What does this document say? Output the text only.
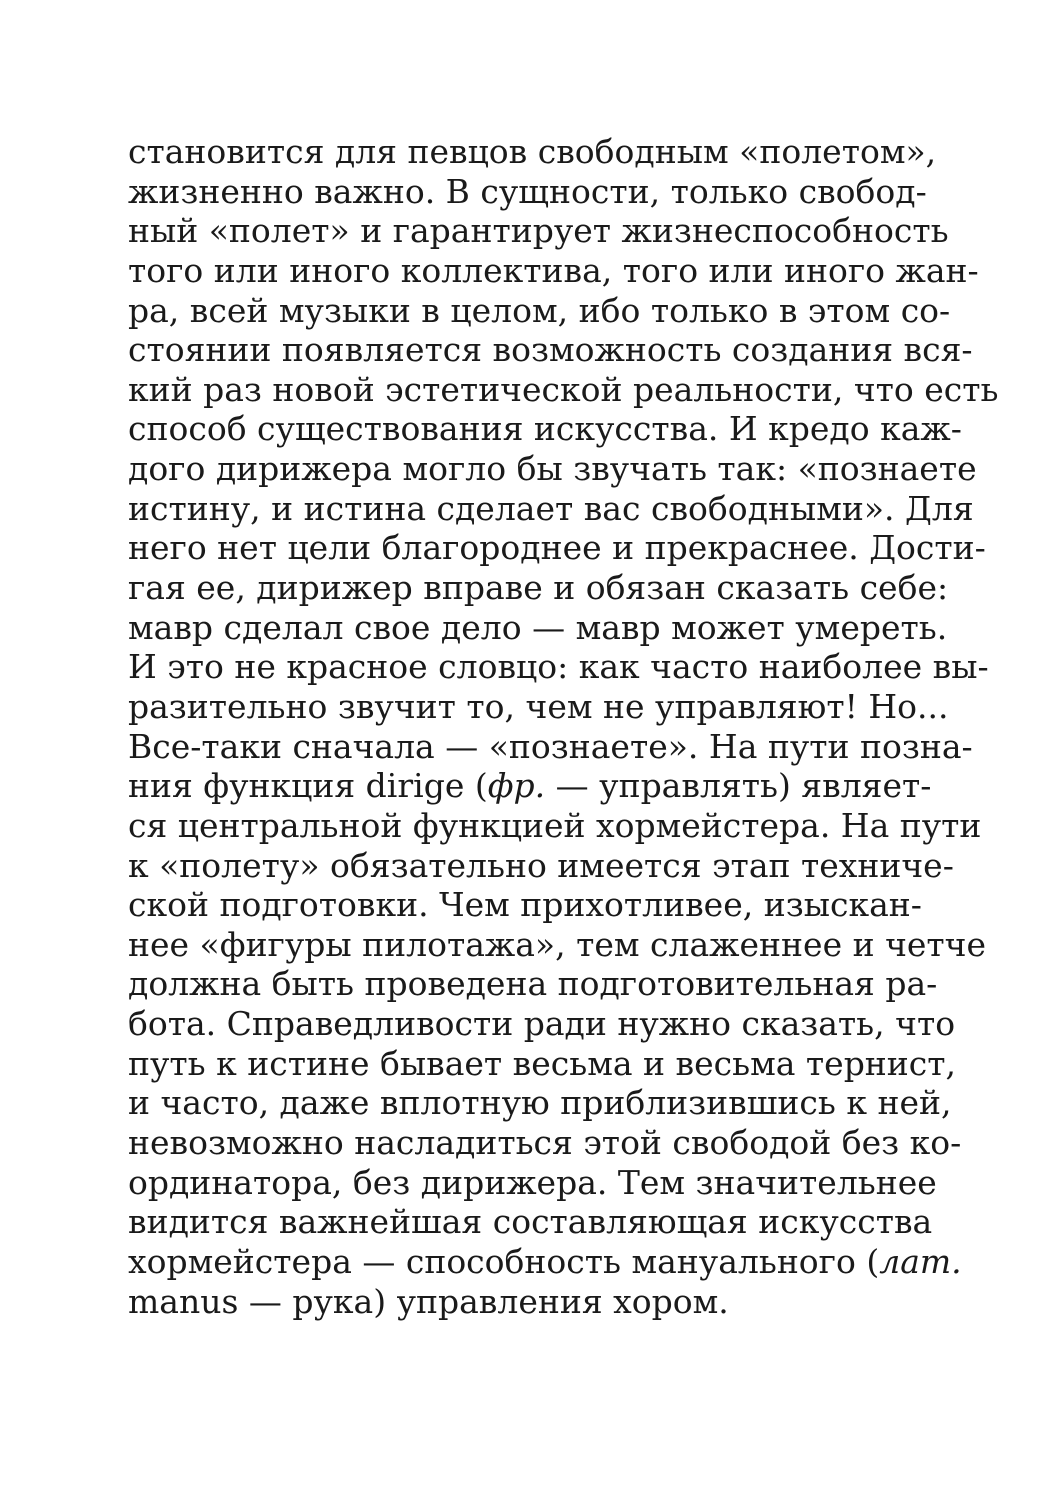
становится для певцов свободным «полетом»,
жизненно важно. В сущности, только свобод-
ный «полет» и гарантирует жизнеспособность
того или иного коллектива, того или иного жан-
ра, всей музыки в целом, ибо только в этом со-
стоянии появляется возможность создания вся-
кий раз новой эстетической реальности, что есть
способ существования искусства. И кредо каж-
дого дирижера могло бы звучать так: «познаете
истину, и истина сделает вас свободными». Для
него нет цели благороднее и прекраснее. Дости-
гая ее, дирижер вправе и обязан сказать себе:
мавр сделал свое дело — мавр может умереть.
И это не красное словцо: как часто наиболее вы-
разительно звучит то, чем не управляют! Но...
Все-таки сначала — «познаете». На пути позна-
ния функция dirige (фр. — управлять) являет-
ся центральной функцией хормейстера. На пути
к «полету» обязательно имеется этап техниче-
ской подготовки. Чем прихотливее, изыскан-
нее «фигуры пилотажа», тем слаженнее и четче
должна быть проведена подготовительная ра-
бота. Справедливости ради нужно сказать, что
путь к истине бывает весьма и весьма тернист,
и часто, даже вплотную приблизившись к ней,
невозможно насладиться этой свободой без ко-
ординатора, без дирижера. Тем значительнее
видится важнейшая составляющая искусства
хормейстера — способность мануального (лат.
manus — рука) управления хором.
